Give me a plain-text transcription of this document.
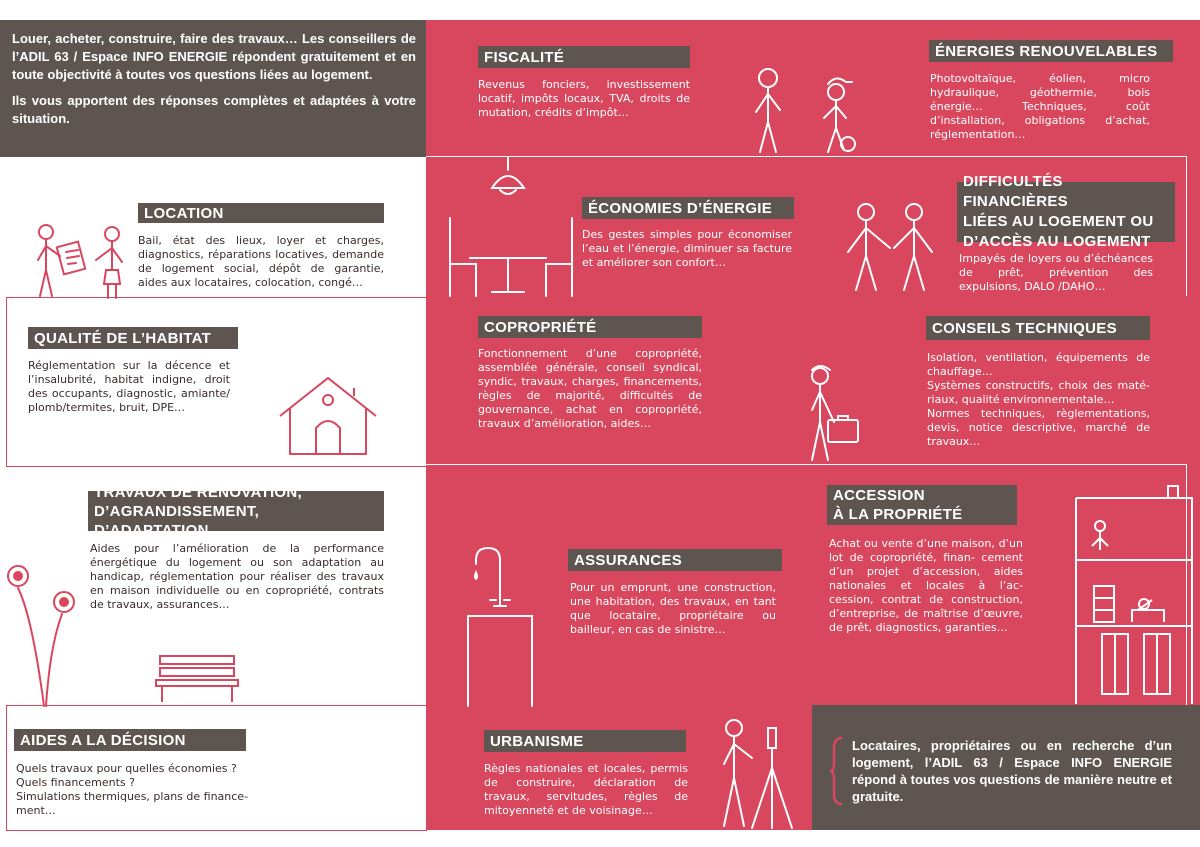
Louer, acheter, construire, faire des travaux… Les conseillers de l’ADIL 63 / Espace INFO ENERGIE répondent gratuitement et en toute objectivité à toutes vos questions liées au logement.
Ils vous apportent des réponses complètes et adaptées à votre situation.
FISCALITÉ
Revenus fonciers, investissement locatif, impôts locaux, TVA, droits de mutation, crédits d’impôt…
ÉNERGIES RENOUVELABLES
Photovoltaïque, éolien, micro hydraulique, géothermie, bois énergie… Techniques, coût d’installation, obligations d’achat, réglementation…
LOCATION
Bail, état des lieux, loyer et charges, diagnostics, réparations locatives, demande de logement social, dépôt de garantie, aides aux locataires, colocation, congé…
ÉCONOMIES D’ÉNERGIE
Des gestes simples pour économiser l’eau et l’énergie, diminuer sa facture et améliorer son confort…
DIFFICULTÉS FINANCIÈRES
LIÉES AU LOGEMENT OU
D’ACCÈS AU LOGEMENT
Impayés de loyers ou d’échéances de prêt, prévention des expulsions, DALO /DAHO…
QUALITÉ DE L’HABITAT
Réglementation sur la décence et l’insalubrité, habitat indigne, droit des occupants, diagnostic, amiante/ plomb/termites, bruit, DPE…
COPROPRIÉTÉ
Fonctionnement d’une copropriété, assemblée générale, conseil syndical, syndic, travaux, charges, financements, règles de majorité, difficultés de gouvernance, achat en copropriété, travaux d’amélioration, aides…
CONSEILS TECHNIQUES
Isolation, ventilation, équipements de chauffage…
Systèmes constructifs, choix des maté- riaux, qualité environnementale…
Normes techniques, règlementations, devis, notice descriptive, marché de travaux…
TRAVAUX DE RÉNOVATION,
D’AGRANDISSEMENT, D’ADAPTATION
Aides pour l’amélioration de la performance énergétique du logement ou son adaptation au handicap, réglementation pour réaliser des travaux en maison individuelle ou en copropriété, contrats de travaux, assurances…
ACCESSION
À LA PROPRIÉTÉ
Achat ou vente d’une maison, d’un lot de copropriété, finan- cement d’un projet d’accession, aides nationales et locales à l’ac- cession, contrat de construction, d’entreprise, de maîtrise d’œuvre, de prêt, diagnostics, garanties…
ASSURANCES
Pour un emprunt, une construction, une habitation, des travaux, en tant que locataire, propriétaire ou bailleur, en cas de sinistre…
AIDES A LA DÉCISION
Quels travaux pour quelles économies ?
Quels financements ?
Simulations thermiques, plans de finance-
ment…
URBANISME
Règles nationales et locales, permis de construire, déclaration de travaux, servitudes, règles de mitoyenneté et de voisinage…
Locataires, propriétaires ou en recherche d’un logement, l’ADIL 63 / Espace INFO ENERGIE répond à toutes vos questions de manière neutre et gratuite.
